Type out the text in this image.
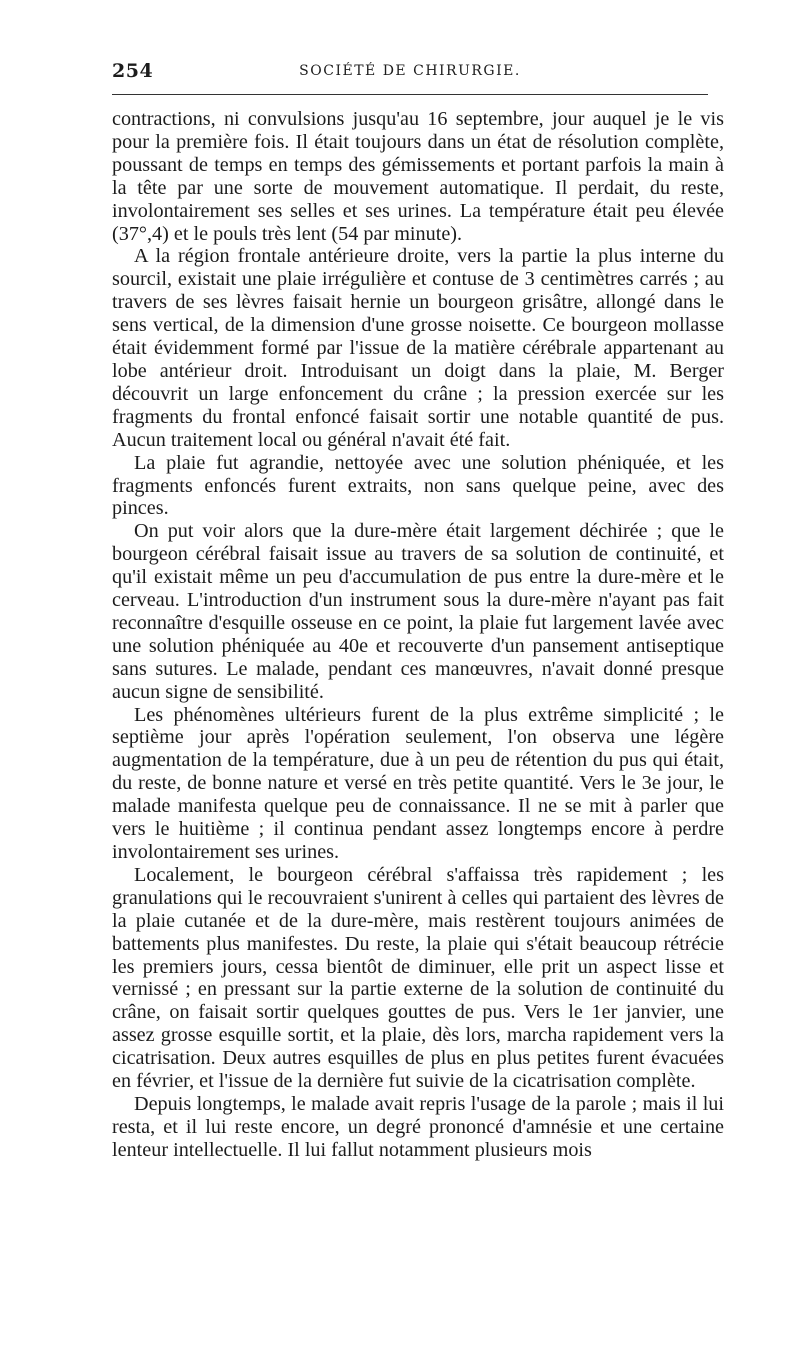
254	SOCIÉTÉ DE CHIRURGIE.

contractions, ni convulsions jusqu'au 16 septembre, jour auquel je le vis pour la première fois. Il était toujours dans un état de résolution complète, poussant de temps en temps des gémissements et portant parfois la main à la tête par une sorte de mouvement automatique. Il perdait, du reste, involontairement ses selles et ses urines. La température était peu élevée (37°,4) et le pouls très lent (54 par minute).

A la région frontale antérieure droite, vers la partie la plus interne du sourcil, existait une plaie irrégulière et contuse de 3 centimètres carrés ; au travers de ses lèvres faisait hernie un bourgeon grisâtre, allongé dans le sens vertical, de la dimension d'une grosse noisette. Ce bourgeon mollasse était évidemment formé par l'issue de la matière cérébrale appartenant au lobe antérieur droit. Introduisant un doigt dans la plaie, M. Berger découvrit un large enfoncement du crâne ; la pression exercée sur les fragments du frontal enfoncé faisait sortir une notable quantité de pus. Aucun traitement local ou général n'avait été fait.

La plaie fut agrandie, nettoyée avec une solution phéniquée, et les fragments enfoncés furent extraits, non sans quelque peine, avec des pinces.

On put voir alors que la dure-mère était largement déchirée ; que le bourgeon cérébral faisait issue au travers de sa solution de continuité, et qu'il existait même un peu d'accumulation de pus entre la dure-mère et le cerveau. L'introduction d'un instrument sous la dure-mère n'ayant pas fait reconnaître d'esquille osseuse en ce point, la plaie fut largement lavée avec une solution phéniquée au 40e et recouverte d'un pansement antiseptique sans sutures. Le malade, pendant ces manœuvres, n'avait donné presque aucun signe de sensibilité.

Les phénomènes ultérieurs furent de la plus extrême simplicité ; le septième jour après l'opération seulement, l'on observa une légère augmentation de la température, due à un peu de rétention du pus qui était, du reste, de bonne nature et versé en très petite quantité. Vers le 3e jour, le malade manifesta quelque peu de connaissance. Il ne se mit à parler que vers le huitième ; il continua pendant assez longtemps encore à perdre involontairement ses urines.

Localement, le bourgeon cérébral s'affaissa très rapidement ; les granulations qui le recouvraient s'unirent à celles qui partaient des lèvres de la plaie cutanée et de la dure-mère, mais restèrent toujours animées de battements plus manifestes. Du reste, la plaie qui s'était beaucoup rétrécie les premiers jours, cessa bientôt de diminuer, elle prit un aspect lisse et vernissé ; en pressant sur la partie externe de la solution de continuité du crâne, on faisait sortir quelques gouttes de pus. Vers le 1er janvier, une assez grosse esquille sortit, et la plaie, dès lors, marcha rapidement vers la cicatrisation. Deux autres esquilles de plus en plus petites furent évacuées en février, et l'issue de la dernière fut suivie de la cicatrisation complète.

Depuis longtemps, le malade avait repris l'usage de la parole ; mais il lui resta, et il lui reste encore, un degré prononcé d'amnésie et une certaine lenteur intellectuelle. Il lui fallut notamment plusieurs mois
